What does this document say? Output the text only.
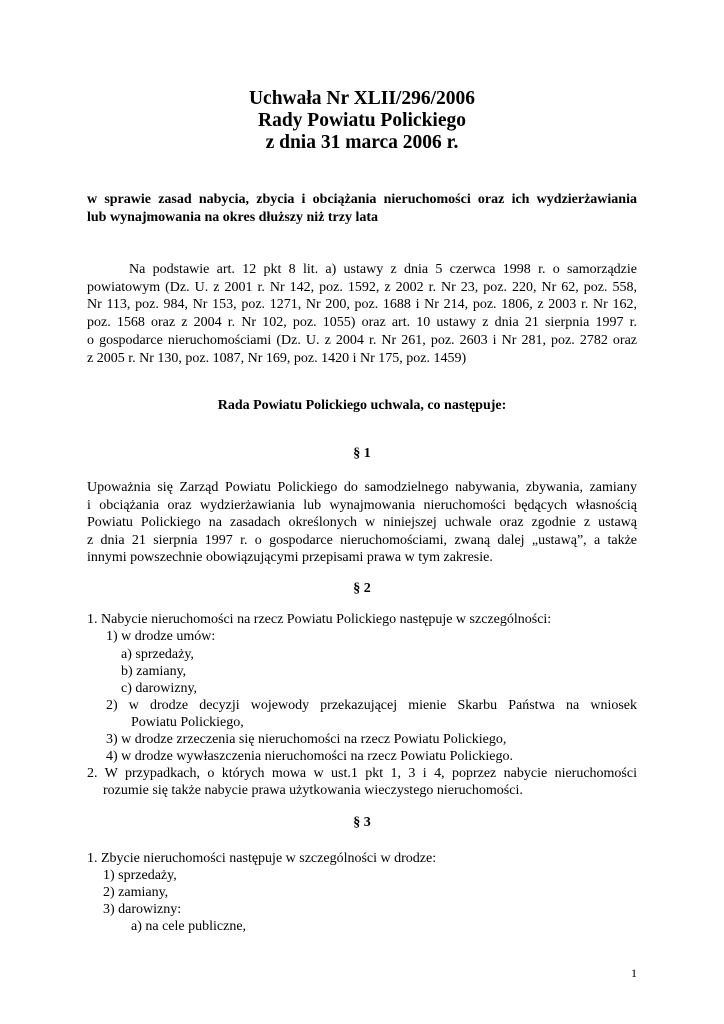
Uchwała Nr XLII/296/2006
Rady Powiatu Polickiego
z dnia 31 marca 2006 r.
w sprawie zasad nabycia, zbycia i obciążania nieruchomości oraz ich wydzierżawiania
lub wynajmowania na okres dłuższy niż trzy lata
Na podstawie art. 12 pkt 8 lit. a) ustawy z dnia 5 czerwca 1998 r. o samorządzie
powiatowym (Dz. U. z 2001 r. Nr 142, poz. 1592, z 2002 r. Nr 23, poz. 220, Nr 62, poz. 558,
Nr 113, poz. 984, Nr 153, poz. 1271, Nr 200, poz. 1688 i Nr 214, poz. 1806, z 2003 r. Nr 162,
poz. 1568 oraz z 2004 r. Nr 102, poz. 1055) oraz art. 10 ustawy z dnia 21 sierpnia 1997 r.
o gospodarce nieruchomościami (Dz. U. z 2004 r. Nr 261, poz. 2603 i Nr 281, poz. 2782 oraz
z 2005 r. Nr 130, poz. 1087, Nr 169, poz. 1420 i Nr 175, poz. 1459)
Rada Powiatu Polickiego uchwala, co następuje:
§ 1
Upoważnia się Zarząd Powiatu Polickiego do samodzielnego nabywania, zbywania, zamiany
i obciążania oraz wydzierżawiania lub wynajmowania nieruchomości będących własnością
Powiatu Polickiego na zasadach określonych w niniejszej uchwale oraz zgodnie z ustawą
z dnia 21 sierpnia 1997 r. o gospodarce nieruchomościami, zwaną dalej „ustawą”, a także
innymi powszechnie obowiązującymi przepisami prawa w tym zakresie.
§ 2
1. Nabycie nieruchomości na rzecz Powiatu Polickiego następuje w szczególności:
1) w drodze umów:
a) sprzedaży,
b) zamiany,
c) darowizny,
2) w drodze decyzji wojewody przekazującej mienie Skarbu Państwa na wniosek
Powiatu Polickiego,
3) w drodze zrzeczenia się nieruchomości na rzecz Powiatu Polickiego,
4) w drodze wywłaszczenia nieruchomości na rzecz Powiatu Polickiego.
2. W przypadkach, o których mowa w ust.1 pkt 1, 3 i 4, poprzez nabycie nieruchomości
rozumie się także nabycie prawa użytkowania wieczystego nieruchomości.
§ 3
1. Zbycie nieruchomości następuje w szczególności w drodze:
1) sprzedaży,
2) zamiany,
3) darowizny:
a) na cele publiczne,
1
